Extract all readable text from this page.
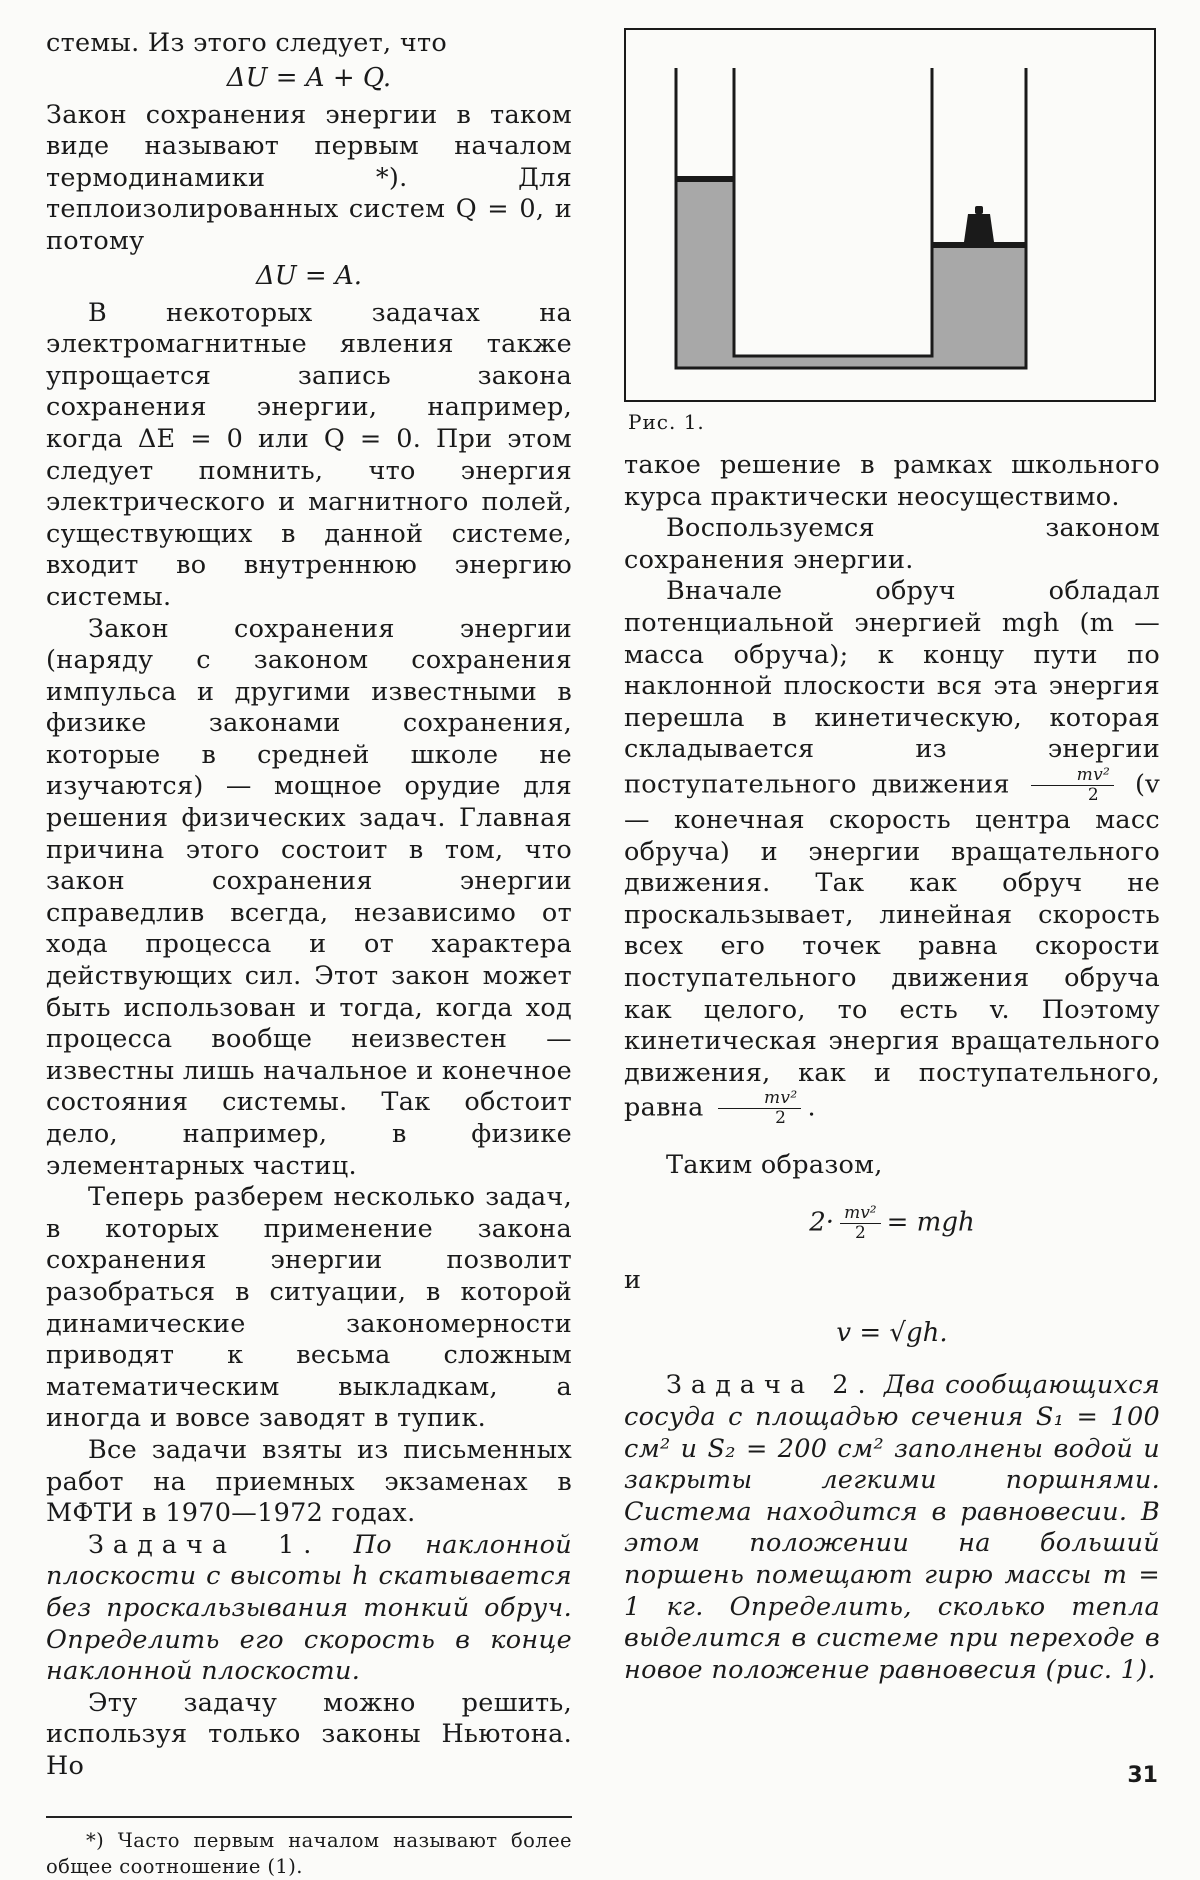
стемы. Из этого следует, что

ΔU = A + Q.

Закон сохранения энергии в таком виде называют первым началом термодинамики *). Для теплоизолированных систем Q = 0, и потому

ΔU = A.

В некоторых задачах на электромагнитные явления также упрощается запись закона сохранения энергии, например, когда ΔE = 0 или Q = 0. При этом следует помнить, что энергия электрического и магнитного полей, существующих в данной системе, входит во внутреннюю энергию системы.

Закон сохранения энергии (наряду с законом сохранения импульса и другими известными в физике законами сохранения, которые в средней школе не изучаются) — мощное орудие для решения физических задач. Главная причина этого состоит в том, что закон сохранения энергии справедлив всегда, независимо от хода процесса и от характера действующих сил. Этот закон может быть использован и тогда, когда ход процесса вообще неизвестен — известны лишь начальное и конечное состояния системы. Так обстоит дело, например, в физике элементарных частиц.

Теперь разберем несколько задач, в которых применение закона сохранения энергии позволит разобраться в ситуации, в которой динамические закономерности приводят к весьма сложным математическим выкладкам, а иногда и вовсе заводят в тупик.

Все задачи взяты из письменных работ на приемных экзаменах в МФТИ в 1970—1972 годах.

Задача 1. По наклонной плоскости с высоты h скатывается без проскальзывания тонкий обруч. Определить его скорость в конце наклонной плоскости.

Эту задачу можно решить, используя только законы Ньютона. Но

*) Часто первым началом называют более общее соотношение (1).
Рис. 1.

такое решение в рамках школьного курса практически неосуществимо.

Воспользуемся законом сохранения энергии.

Вначале обруч обладал потенциальной энергией mgh (m — масса обруча); к концу пути по наклонной плоскости вся эта энергия перешла в кинетическую, которая складывается из энергии поступательного движения $\frac{\text{mv²}}{2} (v$ — конечная скорость центра масс обруча) и энергии вращательного движения. Так как обруч не проскальзывает, линейная скорость всех его точек равна скорости поступательного движения обруча как целого, то есть v. Поэтому кинетическая энергия вращательного движения, как и поступательного, равна $\frac{\text{mv²}}{2}$ .

Таким образом,

$2\cdot \frac{\text{mv²}}{2}$ = mgh

и

v = √gh.

Задача 2. Два сообщающихся сосуда с площадью сечения S₁ = 100 см² и S₂ = 200 см² заполнены водой и закрыты легкими поршнями. Система находится в равновесии. В этом положении на больший поршень помещают гирю массы m = 1 кг. Определить, сколько тепла выделится в системе при переходе в новое положение равновесия (рис. 1).

31
